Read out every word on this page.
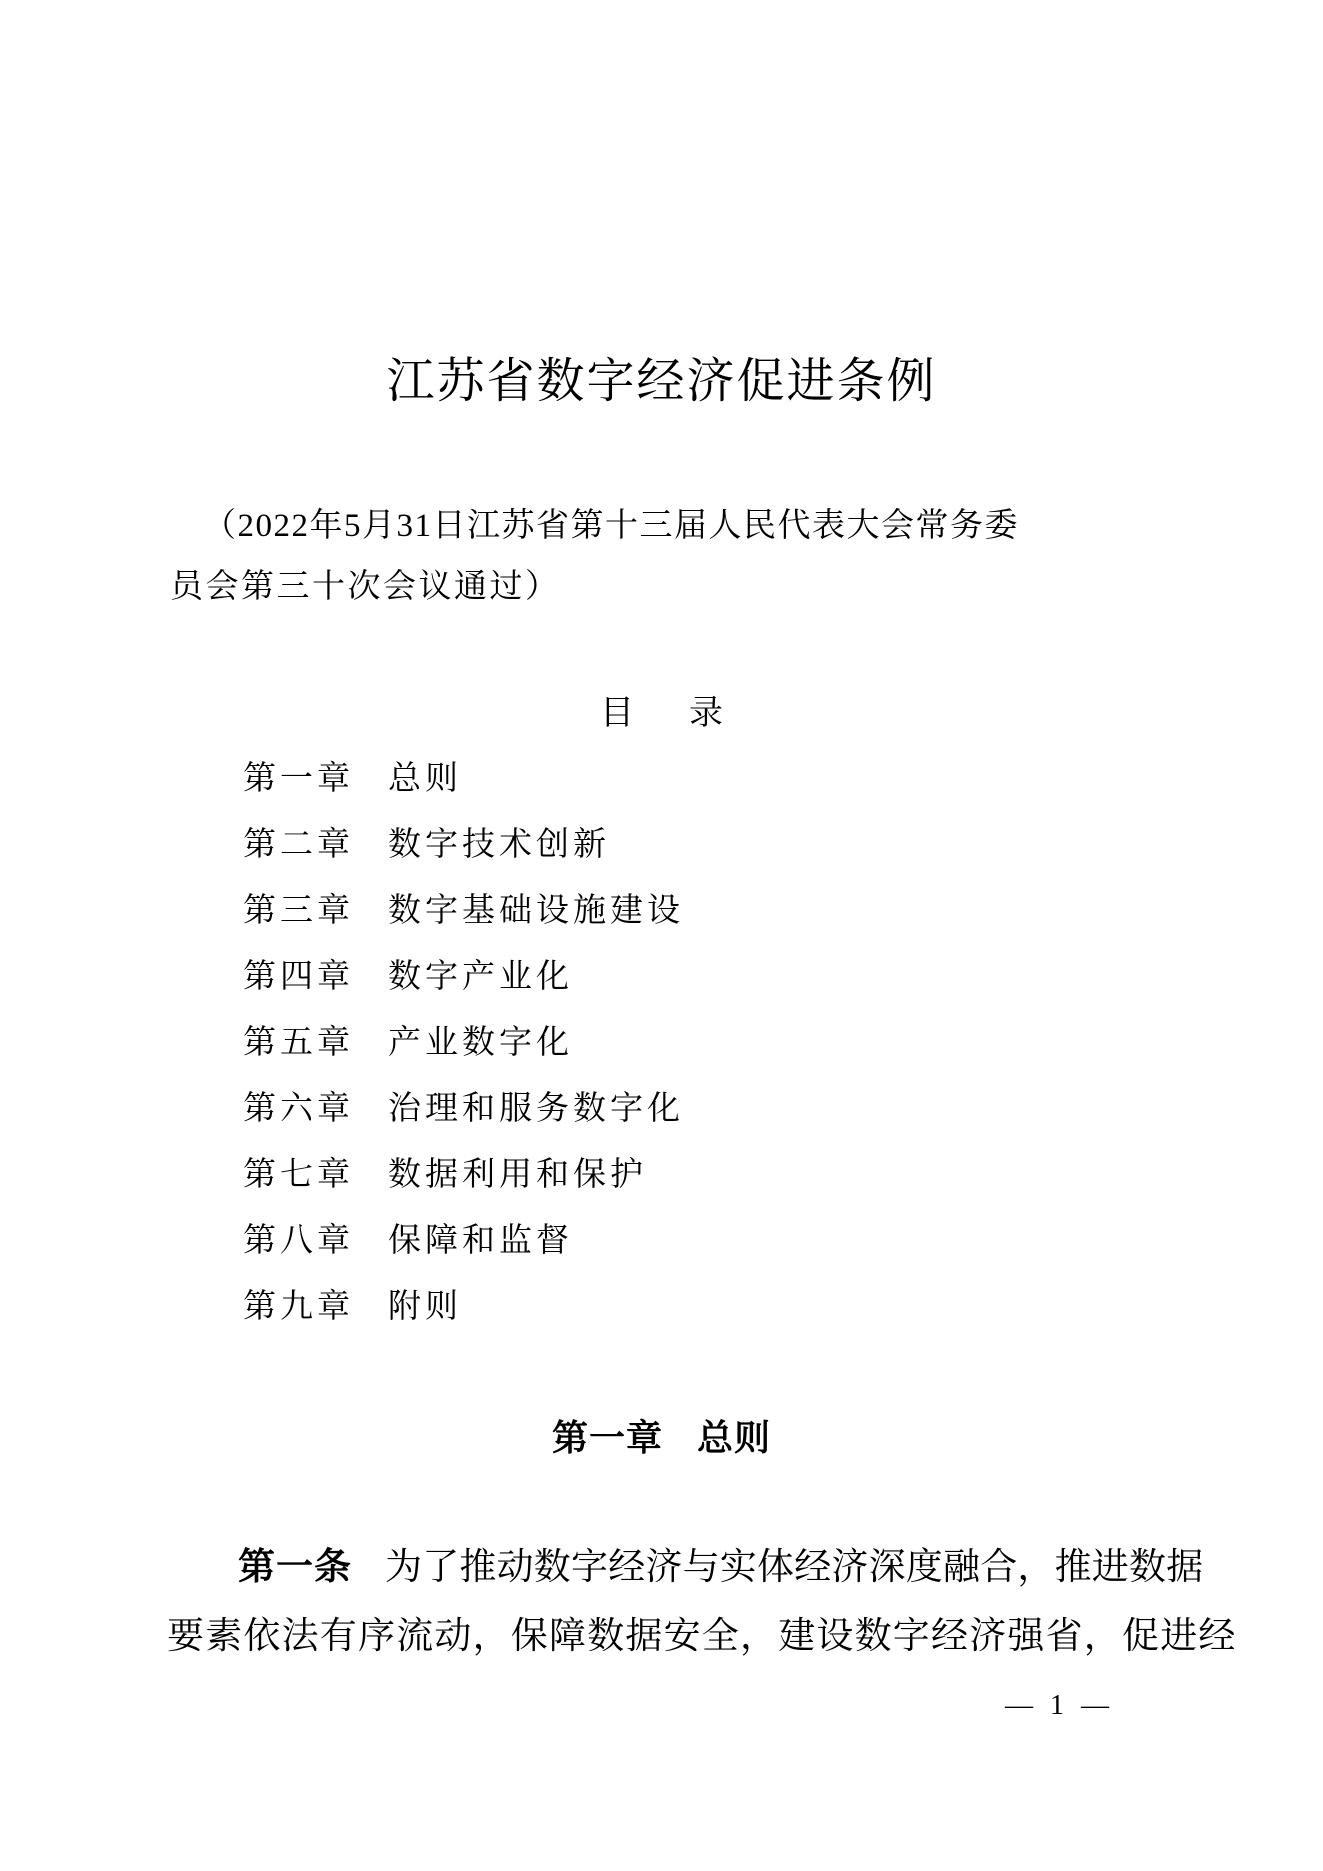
江苏省数字经济促进条例
（2022年5月31日江苏省第十三届人民代表大会常务委
员会第三十次会议通过）
目 录
第一章 总则
第二章 数字技术创新
第三章 数字基础设施建设
第四章 数字产业化
第五章 产业数字化
第六章 治理和服务数字化
第七章 数据利用和保护
第八章 保障和监督
第九章 附则
第一章 总则
第一条 为了推动数字经济与实体经济深度融合，推进数据
要素依法有序流动，保障数据安全，建设数字经济强省，促进经
— 1 —
